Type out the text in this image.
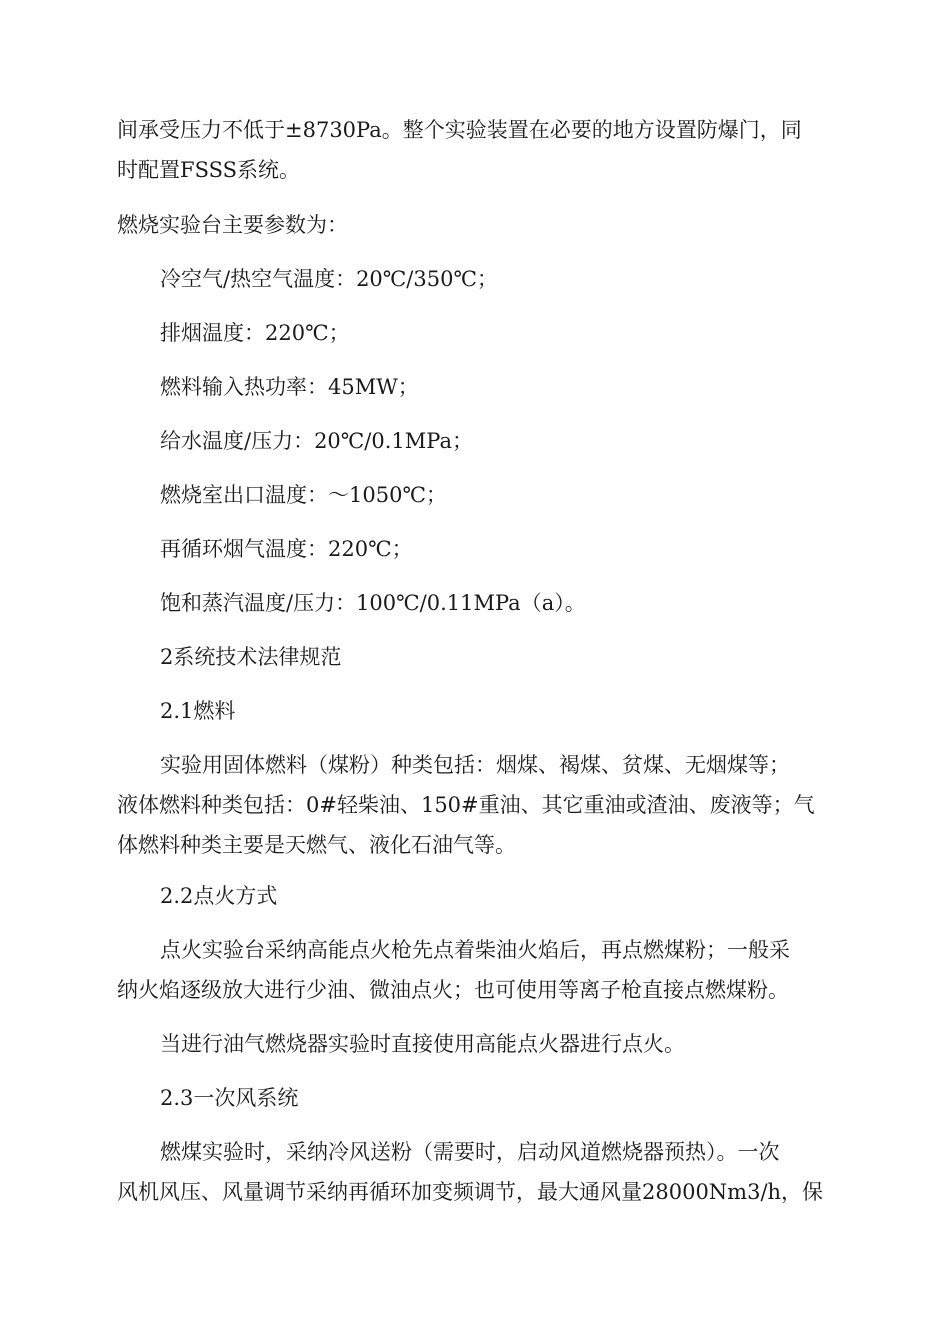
间承受压力不低于±8730Pa。整个实验装置在必要的地方设置防爆门，同
时配置FSSS系统。
燃烧实验台主要参数为：
冷空气/热空气温度：20℃/350℃；
排烟温度：220℃；
燃料输入热功率：45MW；
给水温度/压力：20℃/0.1MPa；
燃烧室出口温度：～1050℃；
再循环烟气温度：220℃；
饱和蒸汽温度/压力：100℃/0.11MPa（a）。
2系统技术法律规范
2.1燃料
实验用固体燃料（煤粉）种类包括：烟煤、褐煤、贫煤、无烟煤等；
液体燃料种类包括：0#轻柴油、150#重油、其它重油或渣油、废液等；气
体燃料种类主要是天燃气、液化石油气等。
2.2点火方式
点火实验台采纳高能点火枪先点着柴油火焰后，再点燃煤粉；一般采
纳火焰逐级放大进行少油、微油点火；也可使用等离子枪直接点燃煤粉。
当进行油气燃烧器实验时直接使用高能点火器进行点火。
2.3一次风系统
燃煤实验时，采纳冷风送粉（需要时，启动风道燃烧器预热）。一次
风机风压、风量调节采纳再循环加变频调节，最大通风量28000Nm3/h，保
